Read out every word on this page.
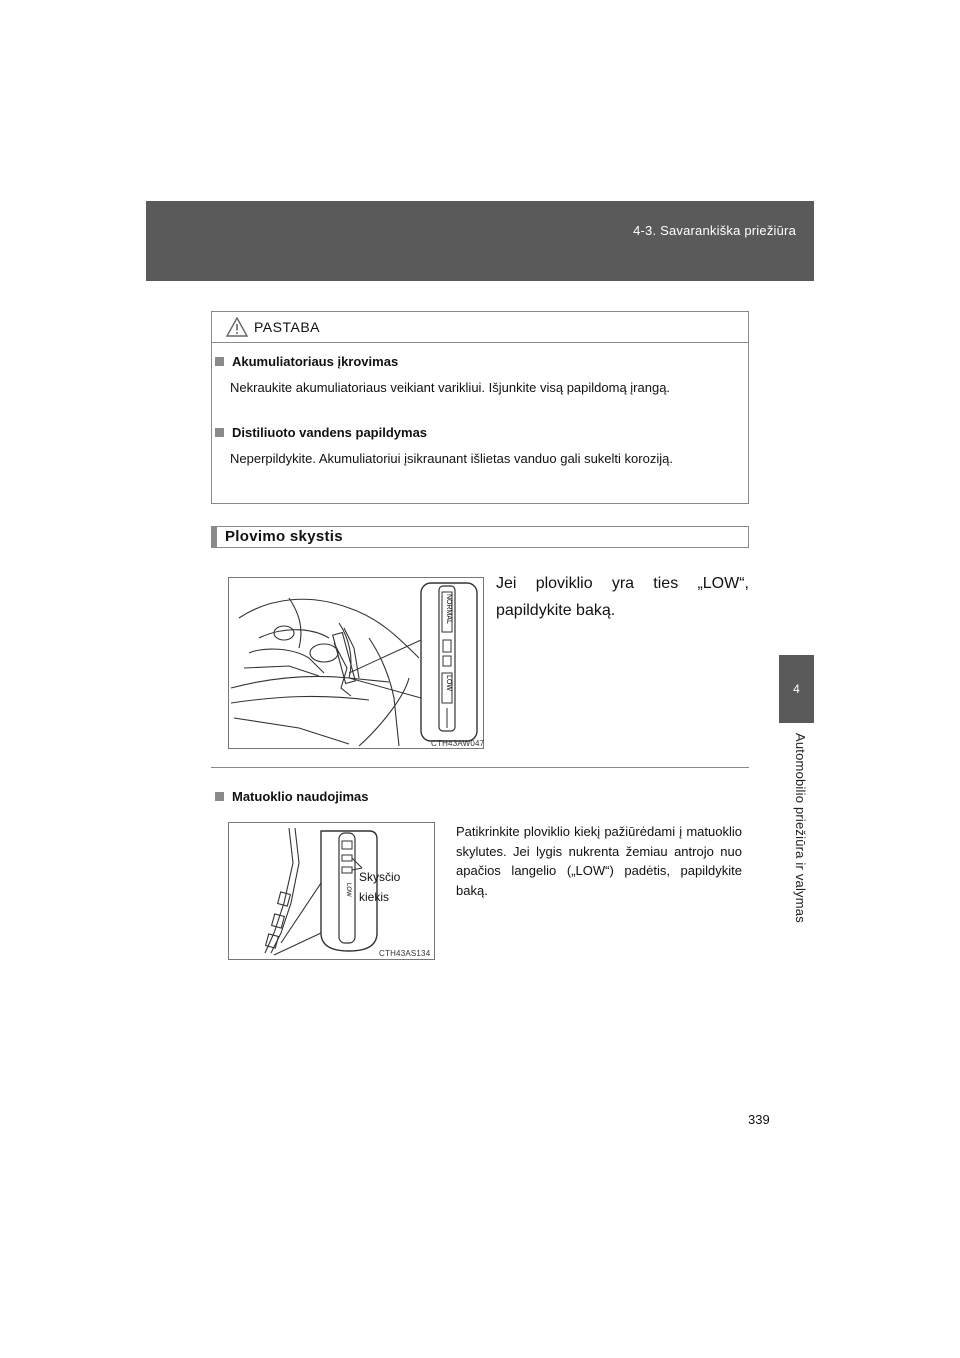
4-3. Savarankiška priežiūra
4
Automobilio priežiūra ir valymas
PASTABA
Akumuliatoriaus įkrovimas
Nekraukite akumuliatoriaus veikiant varikliui. Išjunkite visą papildomą įrangą.
Distiliuoto vandens papildymas
Neperpildykite. Akumuliatoriui įsikraunant išlietas vanduo gali sukelti koroziją.
Plovimo skystis
NORMAL
LOW
CTH43AW047
Jei ploviklio yra ties „LOW“, papildykite baką.
Matuoklio naudojimas
LOW
Skysčio
kiekis
CTH43AS134
Patikrinkite ploviklio kiekį pažiūrėdami į matuoklio skylutes. Jei lygis nukrenta žemiau antrojo nuo apačios langelio („LOW“) padėtis, papildykite baką.
339
